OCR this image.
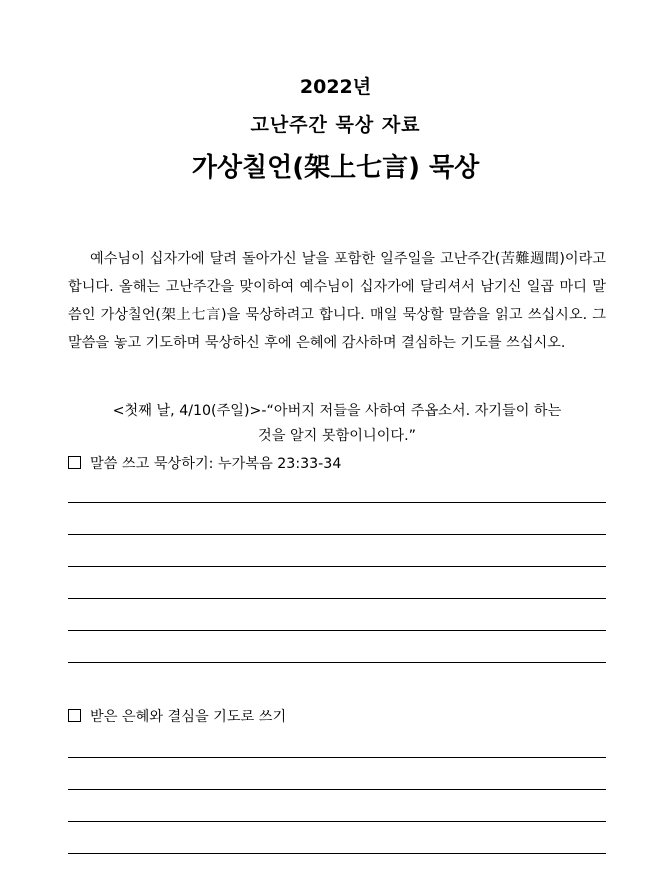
2022년
고난주간 묵상 자료
가상칠언(架上七言) 묵상

예수님이 십자가에 달려 돌아가신 날을 포함한 일주일을 고난주간(苦難週間)이라고 합니다. 올해는 고난주간을 맞이하여 예수님이 십자가에 달리셔서 남기신 일곱 마디 말씀인 가상칠언(架上七言)을 묵상하려고 합니다. 매일 묵상할 말씀을 읽고 쓰십시오. 그 말씀을 놓고 기도하며 묵상하신 후에 은혜에 감사하며 결심하는 기도를 쓰십시오.

<첫째 날, 4/10(주일)>-“아버지 저들을 사하여 주옵소서. 자기들이 하는
것을 알지 못함이니이다.”
말씀 쓰고 묵상하기: 누가복음 23:33-34
받은 은혜와 결심을 기도로 쓰기
